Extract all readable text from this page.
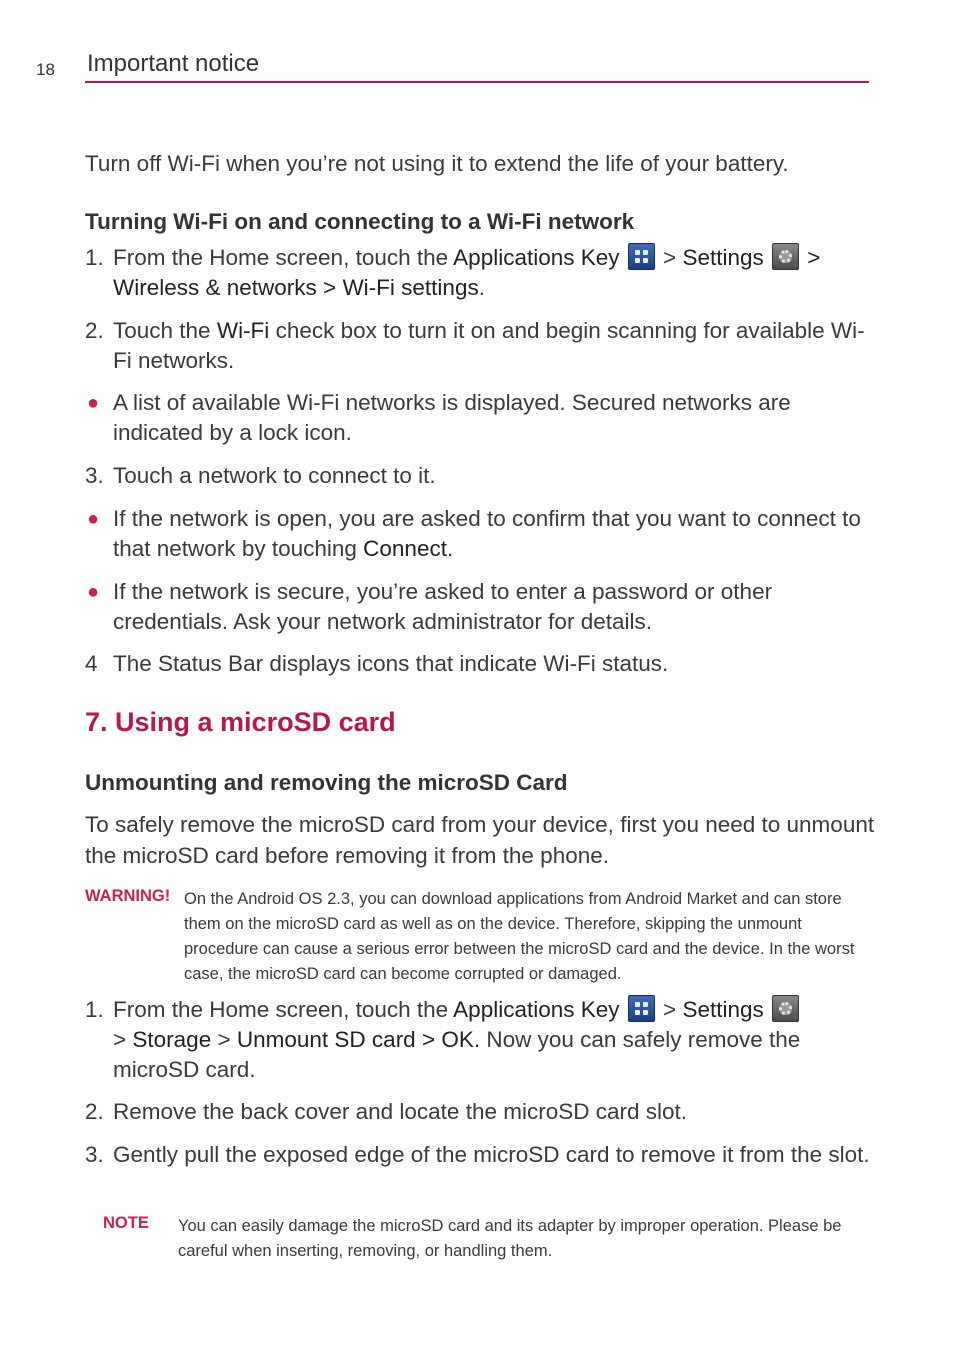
18 Important notice

Turn off Wi-Fi when you’re not using it to extend the life of your battery.

Turning Wi-Fi on and connecting to a Wi-Fi network
1. From the Home screen, touch the Applications Key
> Settings
>
Wireless & networks > Wi-Fi settings.
2. Touch the Wi-Fi check box to turn it on and begin scanning for available Wi-Fi networks.
● A list of available Wi-Fi networks is displayed. Secured networks are indicated by a lock icon.
3. Touch a network to connect to it.
● If the network is open, you are asked to confirm that you want to connect to that network by touching Connect.
● If the network is secure, you’re asked to enter a password or other credentials. Ask your network administrator for details.
4 The Status Bar displays icons that indicate Wi-Fi status.
7. Using a microSD card
Unmounting and removing the microSD Card

To safely remove the microSD card from your device, first you need to unmount the microSD card before removing it from the phone.

WARNING! On the Android OS 2.3, you can download applications from Android Market and can store them on the microSD card as well as on the device. Therefore, skipping the unmount procedure can cause a serious error between the microSD card and the device. In the worst case, the microSD card can become corrupted or damaged.
1. From the Home screen, touch the Applications Key
> Settings

> Storage > Unmount SD card > OK. Now you can safely remove the microSD card.
2. Remove the back cover and locate the microSD card slot.
3. Gently pull the exposed edge of the microSD card to remove it from the slot.
NOTE You can easily damage the microSD card and its adapter by improper operation. Please be careful when inserting, removing, or handling them.
